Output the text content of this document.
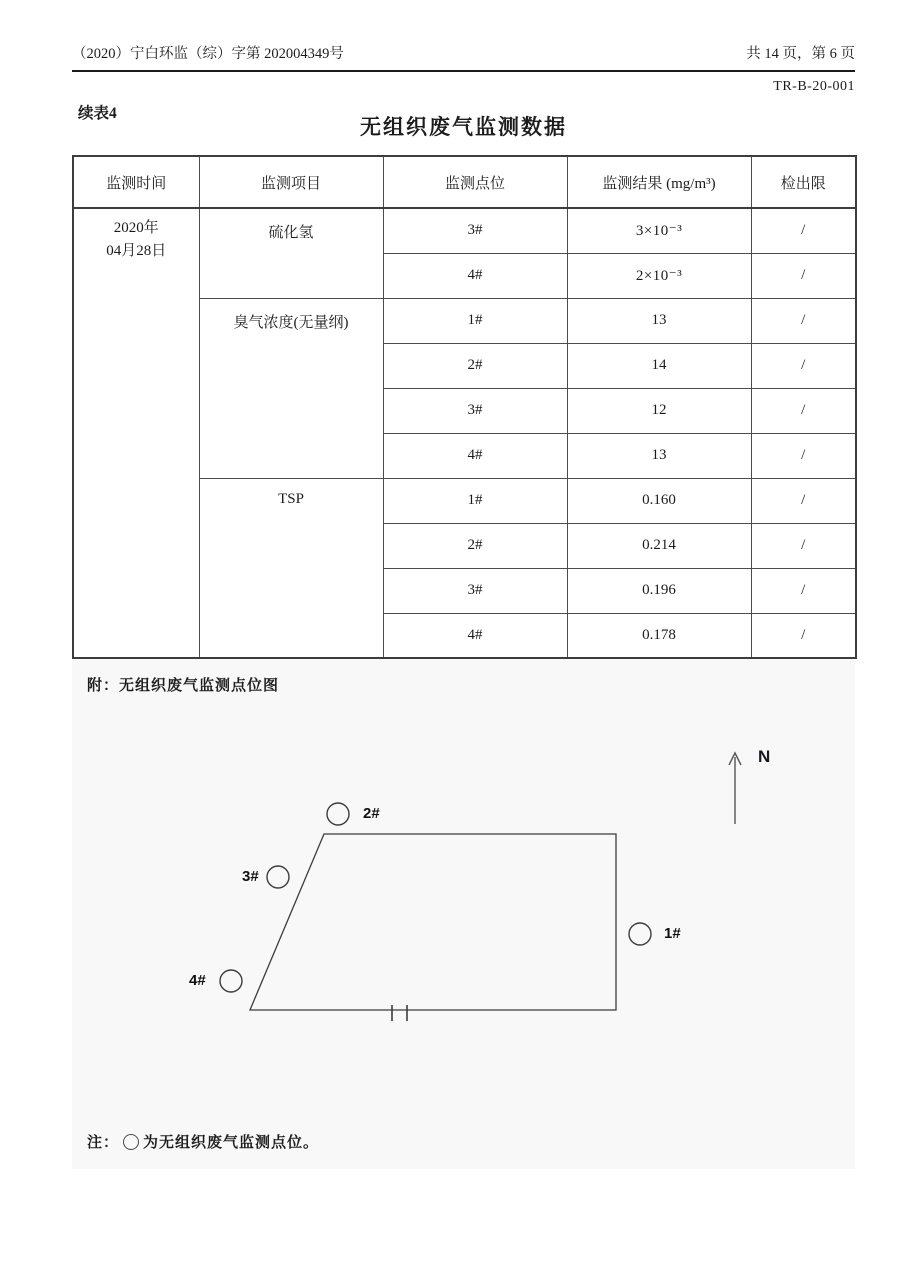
（2020）宁白环监（综）字第 202004349号	共 14 页，第 6 页
TR-B-20-001
续表4
无组织废气监测数据
监测时间	监测项目	监测点位	监测结果 (mg/m³)	检出限

2020年
04月28日	硫化氢	3#	3×10⁻³	/
		4#	2×10⁻³	/
	臭气浓度(无量纲)	1#	13	/
		2#	14	/
		3#	12	/
		4#	13	/
	TSP	1#	0.160	/
		2#	0.214	/
		3#	0.196	/
		4#	0.178	/
附：无组织废气监测点位图
N
2#
3#
4#
1#
注： 为无组织废气监测点位。
